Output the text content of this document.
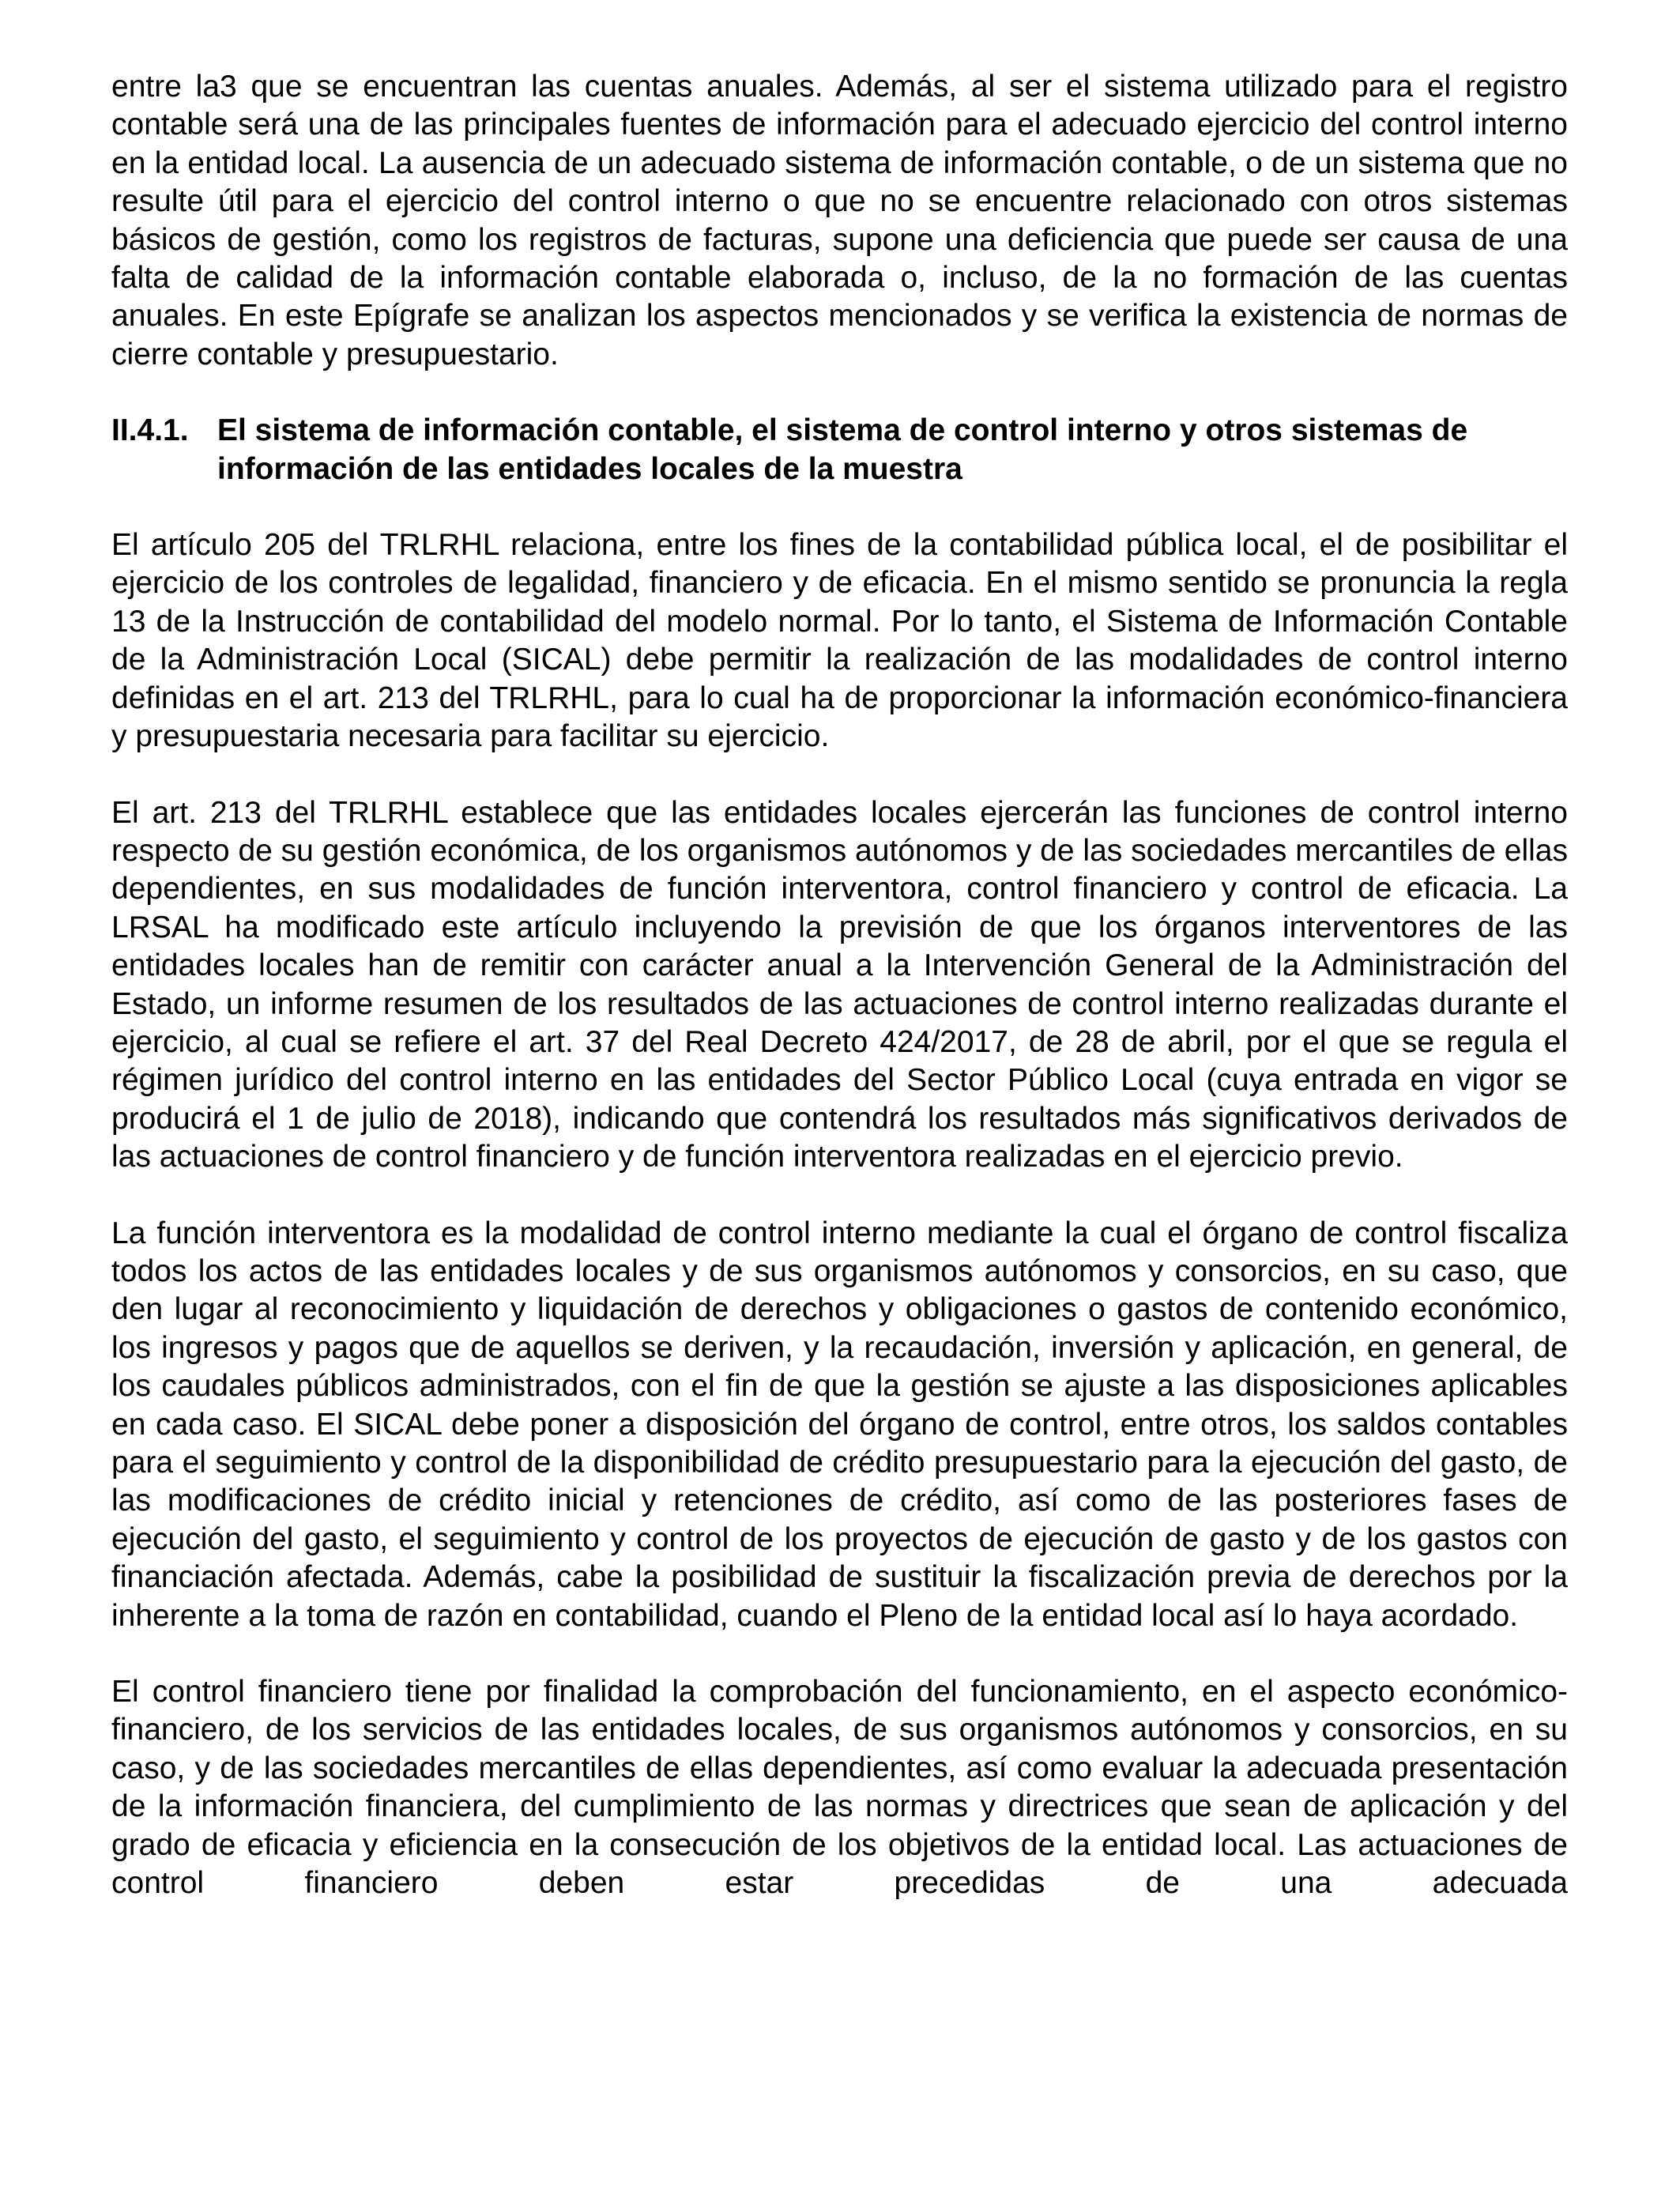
entre la3 que se encuentran las cuentas anuales. Además, al ser el sistema utilizado para el registro contable será una de las principales fuentes de información para el adecuado ejercicio del control interno en la entidad local. La ausencia de un adecuado sistema de información contable, o de un sistema que no resulte útil para el ejercicio del control interno o que no se encuentre relacionado con otros sistemas básicos de gestión, como los registros de facturas, supone una deficiencia que puede ser causa de una falta de calidad de la información contable elaborada o, incluso, de la no formación de las cuentas anuales. En este Epígrafe se analizan los aspectos mencionados y se verifica la existencia de normas de cierre contable y presupuestario.

II.4.1. El sistema de información contable, el sistema de control interno y otros sistemas de información de las entidades locales de la muestra

El artículo 205 del TRLRHL relaciona, entre los fines de la contabilidad pública local, el de posibilitar el ejercicio de los controles de legalidad, financiero y de eficacia. En el mismo sentido se pronuncia la regla 13 de la Instrucción de contabilidad del modelo normal. Por lo tanto, el Sistema de Información Contable de la Administración Local (SICAL) debe permitir la realización de las modalidades de control interno definidas en el art. 213 del TRLRHL, para lo cual ha de proporcionar la información económico-financiera y presupuestaria necesaria para facilitar su ejercicio.

El art. 213 del TRLRHL establece que las entidades locales ejercerán las funciones de control interno respecto de su gestión económica, de los organismos autónomos y de las sociedades mercantiles de ellas dependientes, en sus modalidades de función interventora, control financiero y control de eficacia. La LRSAL ha modificado este artículo incluyendo la previsión de que los órganos interventores de las entidades locales han de remitir con carácter anual a la Intervención General de la Administración del Estado, un informe resumen de los resultados de las actuaciones de control interno realizadas durante el ejercicio, al cual se refiere el art. 37 del Real Decreto 424/2017, de 28 de abril, por el que se regula el régimen jurídico del control interno en las entidades del Sector Público Local (cuya entrada en vigor se producirá el 1 de julio de 2018), indicando que contendrá los resultados más significativos derivados de las actuaciones de control financiero y de función interventora realizadas en el ejercicio previo.

La función interventora es la modalidad de control interno mediante la cual el órgano de control fiscaliza todos los actos de las entidades locales y de sus organismos autónomos y consorcios, en su caso, que den lugar al reconocimiento y liquidación de derechos y obligaciones o gastos de contenido económico, los ingresos y pagos que de aquellos se deriven, y la recaudación, inversión y aplicación, en general, de los caudales públicos administrados, con el fin de que la gestión se ajuste a las disposiciones aplicables en cada caso. El SICAL debe poner a disposición del órgano de control, entre otros, los saldos contables para el seguimiento y control de la disponibilidad de crédito presupuestario para la ejecución del gasto, de las modificaciones de crédito inicial y retenciones de crédito, así como de las posteriores fases de ejecución del gasto, el seguimiento y control de los proyectos de ejecución de gasto y de los gastos con financiación afectada. Además, cabe la posibilidad de sustituir la fiscalización previa de derechos por la inherente a la toma de razón en contabilidad, cuando el Pleno de la entidad local así lo haya acordado.

El control financiero tiene por finalidad la comprobación del funcionamiento, en el aspecto económico-financiero, de los servicios de las entidades locales, de sus organismos autónomos y consorcios, en su caso, y de las sociedades mercantiles de ellas dependientes, así como evaluar la adecuada presentación de la información financiera, del cumplimiento de las normas y directrices que sean de aplicación y del grado de eficacia y eficiencia en la consecución de los objetivos de la entidad local. Las actuaciones de control financiero deben estar precedidas de una adecuada
